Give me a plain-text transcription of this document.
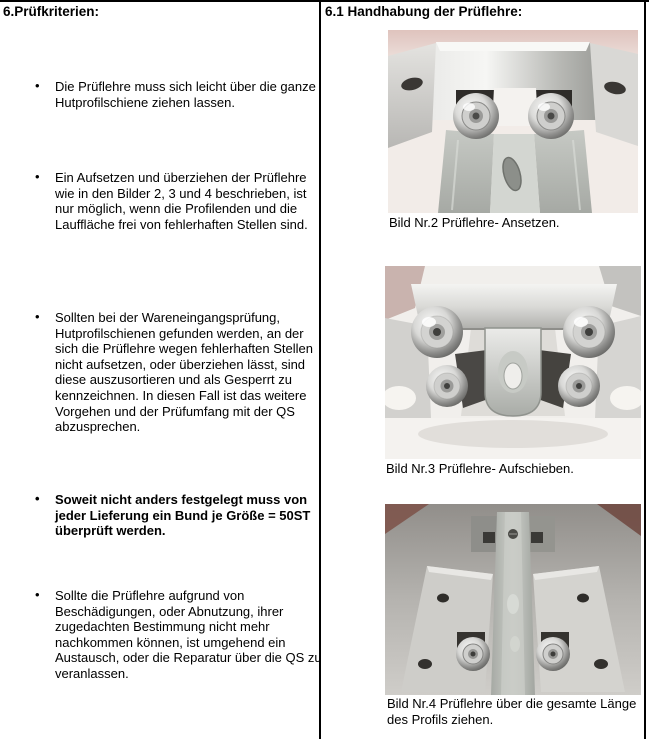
6.Prüfkriterien:	6.1 Handhabung der Prüflehre:
• Die Prüflehre muss sich leicht über die ganze Hutprofilschiene ziehen lassen.
• Ein Aufsetzen und überziehen der Prüflehre wie in den Bilder 2, 3 und 4 beschrieben, ist nur möglich, wenn die Profilenden und die Lauffläche frei von fehlerhaften Stellen sind.
• Sollten bei der Wareneingangsprüfung, Hutprofilschienen gefunden werden, an der sich die Prüflehre wegen fehlerhaften Stellen nicht aufsetzen, oder überziehen lässt, sind diese auszusortieren und als Gesperrt zu kennzeichnen. In diesen Fall ist das weitere Vorgehen und der Prüfumfang mit der QS abzusprechen.
• Soweit nicht anders festgelegt muss von jeder Lieferung ein Bund je Größe = 50ST überprüft werden.
• Sollte die Prüflehre aufgrund von Beschädigungen, oder Abnutzung, ihrer zugedachten Bestimmung nicht mehr nachkommen können, ist umgehend ein Austausch, oder die Reparatur über die QS zu veranlassen.
Bild Nr.2 Prüflehre- Ansetzen.
Bild Nr.3 Prüflehre- Aufschieben.
Bild Nr.4 Prüflehre über die gesamte Länge des Profils ziehen.
